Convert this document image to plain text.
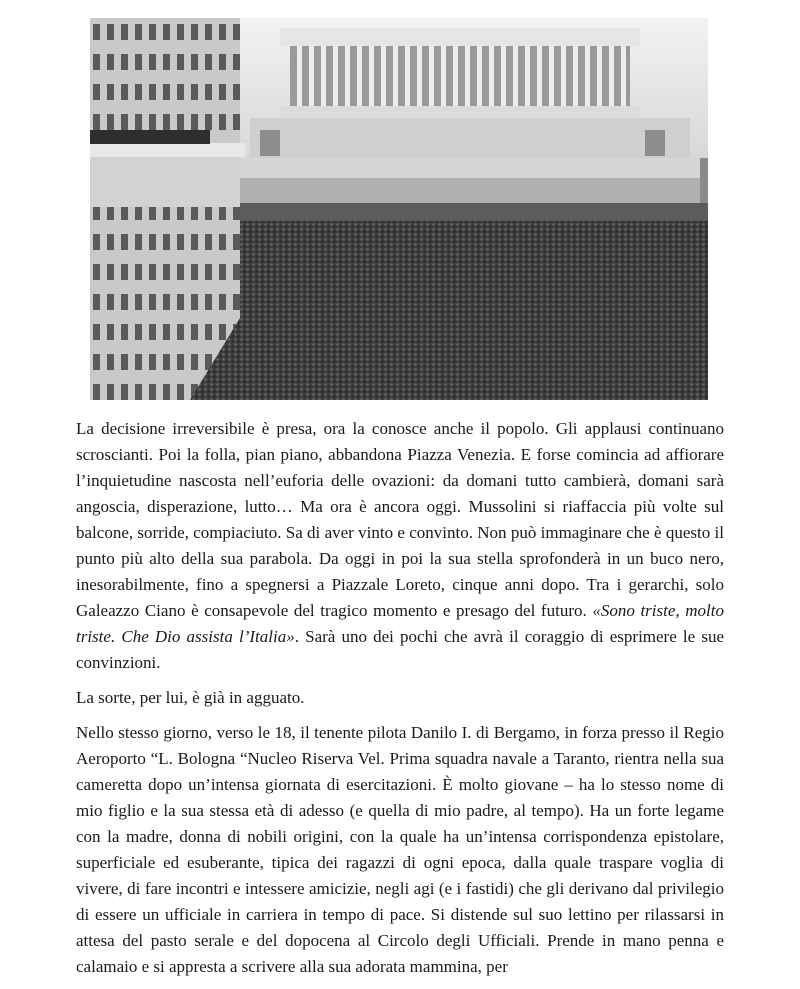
La decisione irreversibile è presa, ora la conosce anche il popolo. Gli applausi continuano scroscianti. Poi la folla, pian piano, abbandona Piazza Venezia. E forse comincia ad affiorare l’inquietudine nascosta nell’euforia delle ovazioni: da domani tutto cambierà, domani sarà angoscia, disperazione, lutto… Ma ora è ancora oggi. Mussolini si riaffaccia più volte sul balcone, sorride, compiaciuto. Sa di aver vinto e convinto. Non può immaginare che è questo il punto più alto della sua parabola. Da oggi in poi la sua stella sprofonderà in un buco nero, inesorabilmente, fino a spegnersi a Piazzale Loreto, cinque anni dopo. Tra i gerarchi, solo Galeazzo Ciano è consapevole del tragico momento e presago del futuro. «Sono triste, molto triste. Che Dio assista l’Italia». Sarà uno dei pochi che avrà il coraggio di esprimere le sue convinzioni.

La sorte, per lui, è già in agguato.

Nello stesso giorno, verso le 18, il tenente pilota Danilo I. di Bergamo, in forza presso il Regio Aeroporto “L. Bologna “Nucleo Riserva Vel. Prima squadra navale a Taranto, rientra nella sua cameretta dopo un’intensa giornata di esercitazioni. È molto giovane – ha lo stesso nome di mio figlio e la sua stessa età di adesso (e quella di mio padre, al tempo). Ha un forte legame con la madre, donna di nobili origini, con la quale ha un’intensa corrispondenza epistolare, superficiale ed esuberante, tipica dei ragazzi di ogni epoca, dalla quale traspare voglia di vivere, di fare incontri e intessere amicizie, negli agi (e i fastidi) che gli derivano dal privilegio di essere un ufficiale in carriera in tempo di pace. Si distende sul suo lettino per rilassarsi in attesa del pasto serale e del dopocena al Circolo degli Ufficiali. Prende in mano penna e calamaio e si appresta a scrivere alla sua adorata mammina, per
